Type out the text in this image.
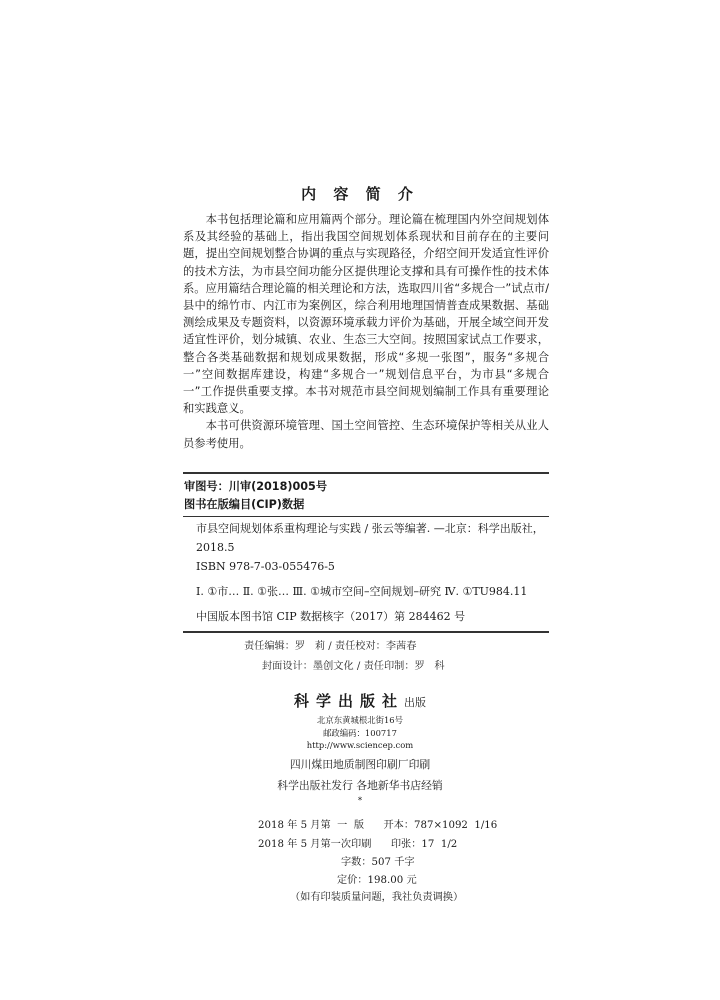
内 容 简 介

本书包括理论篇和应用篇两个部分。理论篇在梳理国内外空间规划体系及其经验的基础上，指出我国空间规划体系现状和目前存在的主要问题，提出空间规划整合协调的重点与实现路径，介绍空间开发适宜性评价的技术方法，为市县空间功能分区提供理论支撑和具有可操作性的技术体系。应用篇结合理论篇的相关理论和方法，选取四川省“多规合一”试点市/县中的绵竹市、内江市为案例区，综合利用地理国情普查成果数据、基础测绘成果及专题资料，以资源环境承载力评价为基础，开展全域空间开发适宜性评价，划分城镇、农业、生态三大空间。按照国家试点工作要求，整合各类基础数据和规划成果数据，形成“多规一张图”，服务“多规合一”空间数据库建设，构建“多规合一”规划信息平台，为市县“多规合一”工作提供重要支撑。本书对规范市县空间规划编制工作具有重要理论和实践意义。

本书可供资源环境管理、国土空间管控、生态环境保护等相关从业人员参考使用。

审图号：川审(2018)005号
图书在版编目(CIP)数据
市县空间规划体系重构理论与实践 / 张云等编著. —北京：科学出版社，
2018.5
ISBN 978-7-03-055476-5
Ⅰ. ①市… Ⅱ. ①张… Ⅲ. ①城市空间–空间规划–研究 Ⅳ. ①TU984.11
中国版本图书馆 CIP 数据核字（2017）第 284462 号
责任编辑：罗   莉 / 责任校对：李茜春
封面设计：墨创文化 / 责任印制：罗   科
科学出版社出版
北京东黄城根北街16号
邮政编码：100717
http://www.sciencep.com
四川煤田地质制图印刷厂印刷
科学出版社发行 各地新华书店经销
*
2018 年 5 月第  一  版      开本：787×1092  1/16
2018 年 5 月第一次印刷      印张：17  1/2
字数：507 千字
定价：198.00 元
（如有印装质量问题，我社负责调换）
